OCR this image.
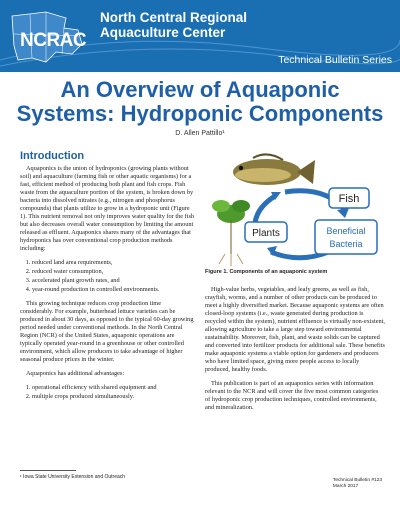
NCRAC
North Central Regional
Aquaculture Center
Technical Bulletin Series
An Overview of Aquaponic
Systems: Hydroponic Components
D. Allen Pattillo¹
Introduction

Aquaponics is the union of hydroponics (growing plants without soil) and aquaculture (farming fish or other aquatic organisms) for a fast, efficient method of producing both plant and fish crops. Fish waste from the aquaculture portion of the system, is broken down by bacteria into dissolved nitrates (e.g., nitrogen and phosphorus compounds) that plants utilize to grow in a hydroponic unit (Figure 1). This nutrient removal not only improves water quality for the fish but also decreases overall water consumption by limiting the amount released as effluent. Aquaponics shares many of the advantages that hydroponics has over conventional crop production methods including:

1. reduced land area requirements,
2. reduced water consumption,
3. accelerated plant growth rates, and
4. year-round production in controlled environments.

This growing technique reduces crop production time considerably. For example, butterhead lettuce varieties can be produced in about 30 days, as opposed to the typical 60-day growing period needed under conventional methods. In the North Central Region (NCR) of the United States, aquaponic operations are typically operated year-round in a greenhouse or other controlled environment, which allow producers to take advantage of higher seasonal produce prices in the winter.

Aquaponics has additional advantages:

1. operational efficiency with shared equipment and
2. multiple crops produced simultaneously.
Fish
Plants	Beneficial
Bacteria
Figure 1. Components of an aquaponic system

High-value herbs, vegetables, and leafy greens, as well as fish, crayfish, worms, and a number of other products can be produced to meet a highly diversified market. Because aquaponic systems are often closed-loop systems (i.e., waste generated during production is recycled within the system), nutrient effluence is virtually non-existent, allowing agriculture to take a large step toward environmental sustainability. Moreover, fish, plant, and waste solids can be captured and converted into fertilizer products for additional sale. These benefits make aquaponic systems a viable option for gardeners and producers who have limited space, giving more people access to locally produced, healthy foods.

This publication is part of an aquaponics series with information relevant to the NCR and will cover the five most common categories of hydroponic crop production techniques, controlled environments, and mineralization.

¹ Iowa State University Extension and Outreach
Technical Bulletin #123
March 2017
